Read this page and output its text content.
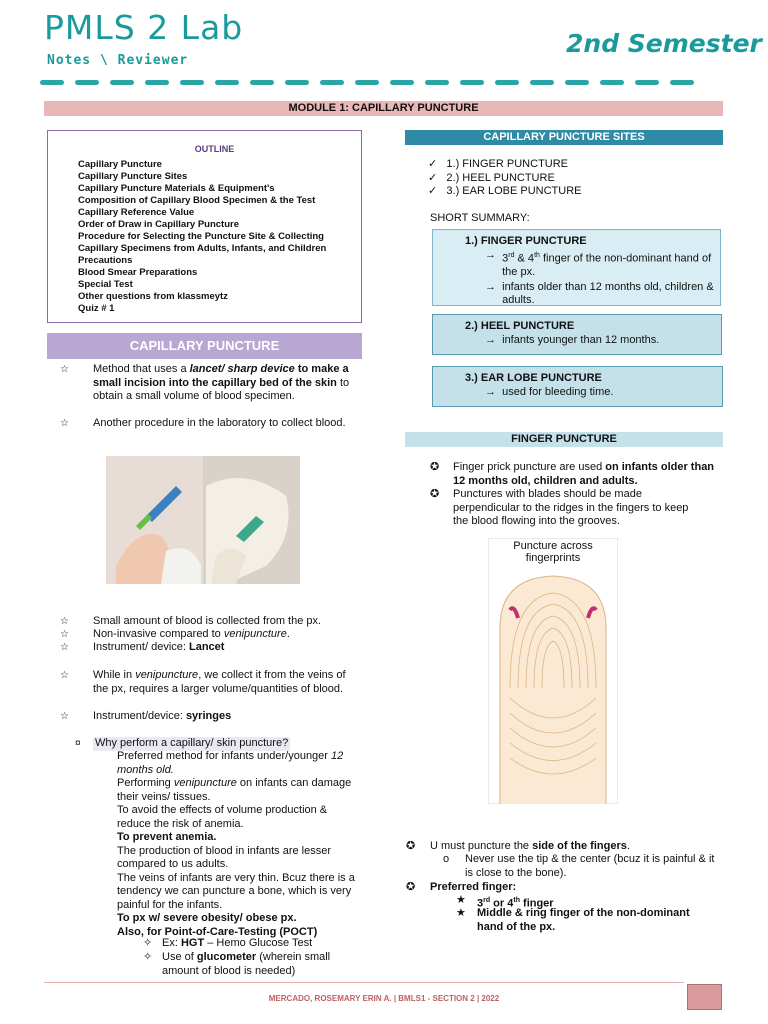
PMLS 2 Lab
Notes \ Reviewer
2nd Semester
MODULE 1: CAPILLARY PUNCTURE
OUTLINE
Capillary Puncture
Capillary Puncture Sites
Capillary Puncture Materials & Equipment's
Composition of Capillary Blood Specimen & the Test
Capillary Reference Value
Order of Draw in Capillary Puncture
Procedure for Selecting the Puncture Site & Collecting
Capillary Specimens from Adults, Infants, and Children
Precautions
Blood Smear Preparations
Special Test
Other questions from klassmeytz
Quiz # 1
CAPILLARY PUNCTURE
☆ Method that uses a lancet/ sharp device to make a small incision into the capillary bed of the skin to obtain a small volume of blood specimen.
☆ Another procedure in the laboratory to collect blood.
☆ Small amount of blood is collected from the px.
☆ Non-invasive compared to venipuncture.
☆ Instrument/ device: Lancet
☆ While in venipuncture, we collect it from the veins of the px, requires a larger volume/quantities of blood.
☆ Instrument/device: syringes
¤ Why perform a capillary/ skin puncture?
Preferred method for infants under/younger 12 months old.
Performing venipuncture on infants can damage their veins/ tissues.
To avoid the effects of volume production & reduce the risk of anemia.
To prevent anemia.
The production of blood in infants are lesser compared to us adults.
The veins of infants are very thin. Bcuz there is a tendency we can puncture a bone, which is very painful for the infants.
To px w/ severe obesity/ obese px.
Also, for Point-of-Care-Testing (POCT)
✧ Ex: HGT – Hemo Glucose Test
✧ Use of glucometer (wherein small amount of blood is needed)
CAPILLARY PUNCTURE SITES
✓   1.) FINGER PUNCTURE
✓   2.) HEEL PUNCTURE
✓   3.) EAR LOBE PUNCTURE
SHORT SUMMARY:
1.) FINGER PUNCTURE
→ 3rd & 4th finger of the non-dominant hand of the px.
→ infants older than 12 months old, children & adults.
2.) HEEL PUNCTURE
→  infants younger than 12 months.
3.) EAR LOBE PUNCTURE
→  used for bleeding time.
FINGER PUNCTURE
✪ Finger prick puncture are used on infants older than 12 months old, children and adults.
✪ Punctures with blades should be made perpendicular to the ridges in the fingers to keep the blood flowing into the grooves.
Puncture across fingerprints
✪ U must puncture the side of the fingers.
o Never use the tip & the center (bcuz it is painful & it is close to the bone).
✪ Preferred finger:
★ 3rd or 4th finger
★ Middle & ring finger of the non-dominant hand of the px.
MERCADO, ROSEMARY ERIN A. | BMLS1 - SECTION 2 | 2022
